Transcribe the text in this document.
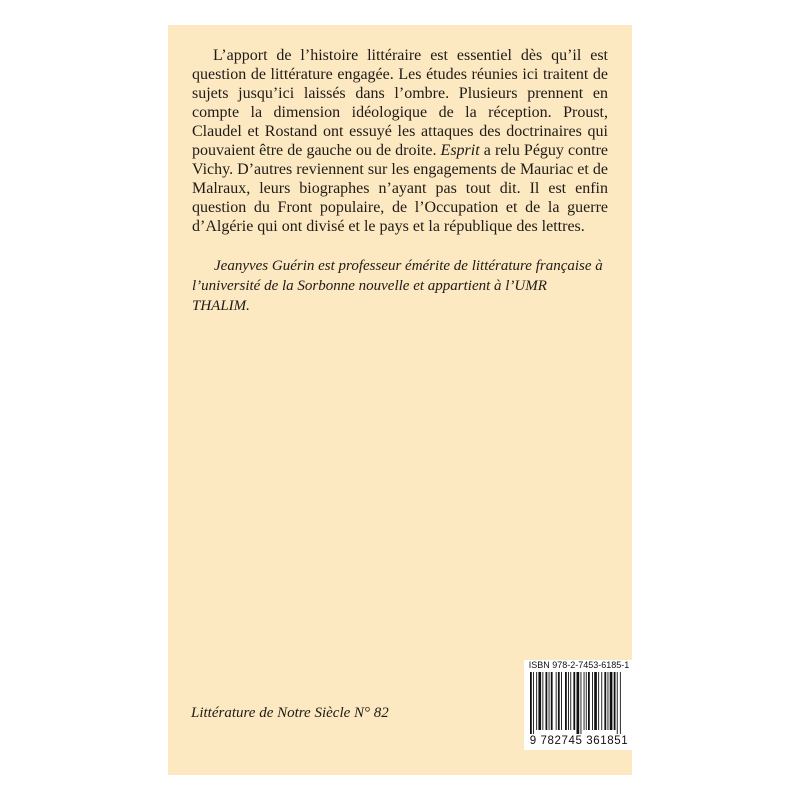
L’apport de l’histoire littéraire est essentiel dès qu’il est question de littérature engagée. Les études réunies ici traitent de sujets jusqu’ici laissés dans l’ombre. Plusieurs prennent en compte la dimension idéologique de la réception. Proust, Claudel et Rostand ont essuyé les attaques des doctrinaires qui pouvaient être de gauche ou de droite. Esprit a relu Péguy contre Vichy. D’autres reviennent sur les engagements de Mauriac et de Malraux, leurs biographes n’ayant pas tout dit. Il est enfin question du Front populaire, de l’Occupation et de la guerre d’Algérie qui ont divisé et le pays et la république des lettres.

Jeanyves Guérin est professeur émérite de littérature française à l’université de la Sorbonne nouvelle et appartient à l’UMR THALIM.

Littérature de Notre Siècle N° 82
ISBN 978-2-7453-6185-1
9 782745 361851
